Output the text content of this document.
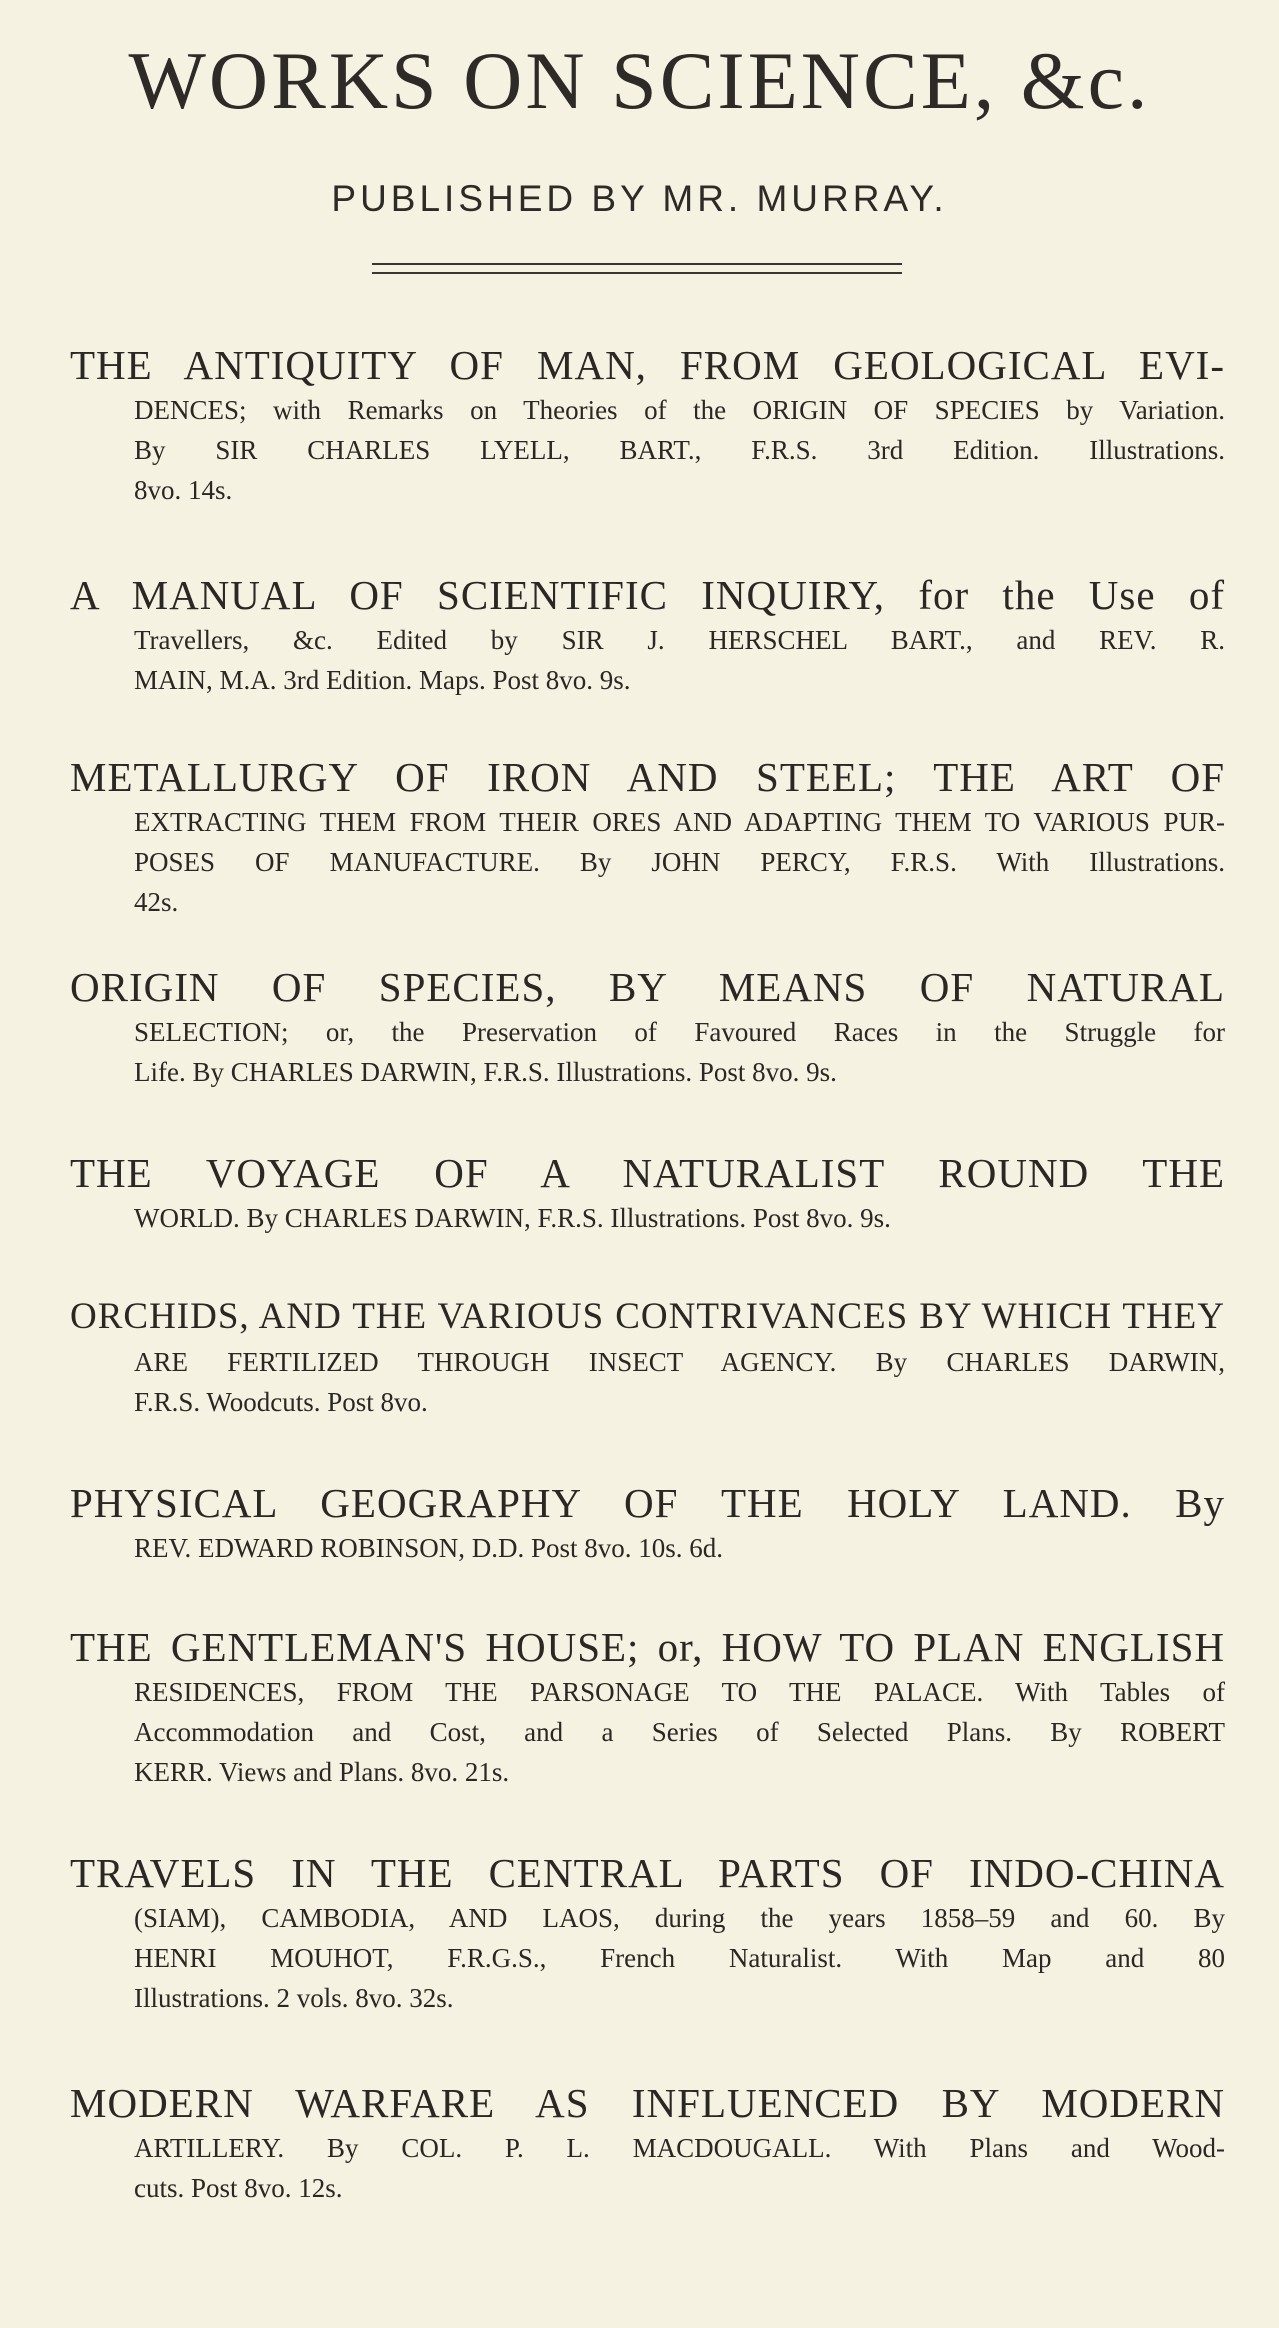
WORKS ON SCIENCE, &c.
PUBLISHED BY MR. MURRAY.
THE ANTIQUITY OF MAN, FROM GEOLOGICAL EVI-
DENCES; with Remarks on Theories of the ORIGIN OF SPECIES by Variation.
By SIR CHARLES LYELL, BART., F.R.S. 3rd Edition. Illustrations.
8vo. 14s.
A MANUAL OF SCIENTIFIC INQUIRY, for the Use of
Travellers, &c. Edited by SIR J. HERSCHEL BART., and REV. R.
MAIN, M.A. 3rd Edition. Maps. Post 8vo. 9s.
METALLURGY OF IRON AND STEEL; THE ART OF
EXTRACTING THEM FROM THEIR ORES AND ADAPTING THEM TO VARIOUS PUR-
POSES OF MANUFACTURE. By JOHN PERCY, F.R.S. With Illustrations.
42s.
ORIGIN OF SPECIES, BY MEANS OF NATURAL
SELECTION; or, the Preservation of Favoured Races in the Struggle for
Life. By CHARLES DARWIN, F.R.S. Illustrations. Post 8vo. 9s.
THE VOYAGE OF A NATURALIST ROUND THE
WORLD. By CHARLES DARWIN, F.R.S. Illustrations. Post 8vo. 9s.
ORCHIDS, AND THE VARIOUS CONTRIVANCES BY WHICH THEY
ARE FERTILIZED THROUGH INSECT AGENCY. By CHARLES DARWIN,
F.R.S. Woodcuts. Post 8vo.
PHYSICAL GEOGRAPHY OF THE HOLY LAND. By
REV. EDWARD ROBINSON, D.D. Post 8vo. 10s. 6d.
THE GENTLEMAN'S HOUSE; or, HOW TO PLAN ENGLISH
RESIDENCES, FROM THE PARSONAGE TO THE PALACE. With Tables of
Accommodation and Cost, and a Series of Selected Plans. By ROBERT
KERR. Views and Plans. 8vo. 21s.
TRAVELS IN THE CENTRAL PARTS OF INDO-CHINA
(SIAM), CAMBODIA, AND LAOS, during the years 1858–59 and 60. By
HENRI MOUHOT, F.R.G.S., French Naturalist. With Map and 80
Illustrations. 2 vols. 8vo. 32s.
MODERN WARFARE AS INFLUENCED BY MODERN
ARTILLERY. By COL. P. L. MACDOUGALL. With Plans and Wood-
cuts. Post 8vo. 12s.
